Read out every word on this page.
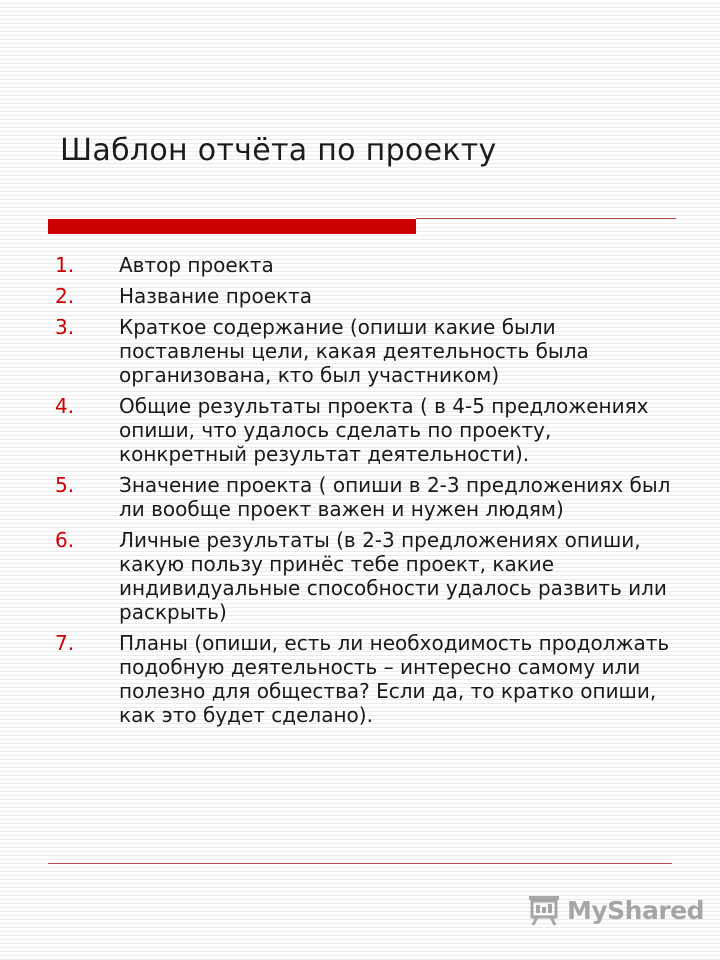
Шаблон отчёта по проекту
1.	Автор проекта
2.	Название проекта
3.	Краткое содержание (опиши какие были поставлены цели, какая деятельность была организована, кто был участником)
4.	Общие результаты проекта ( в 4-5 предложениях опиши, что удалось сделать по проекту, конкретный результат деятельности).
5.	Значение проекта ( опиши в 2-3 предложениях был ли вообще проект важен и нужен людям)
6.	Личные результаты (в 2-3 предложениях опиши, какую пользу принёс тебе проект, какие индивидуальные способности удалось развить или раскрыть)
7.	Планы (опиши, есть ли необходимость продолжать подобную деятельность – интересно самому или полезно для общества? Если да, то кратко опиши, как это будет сделано).
MyShared
